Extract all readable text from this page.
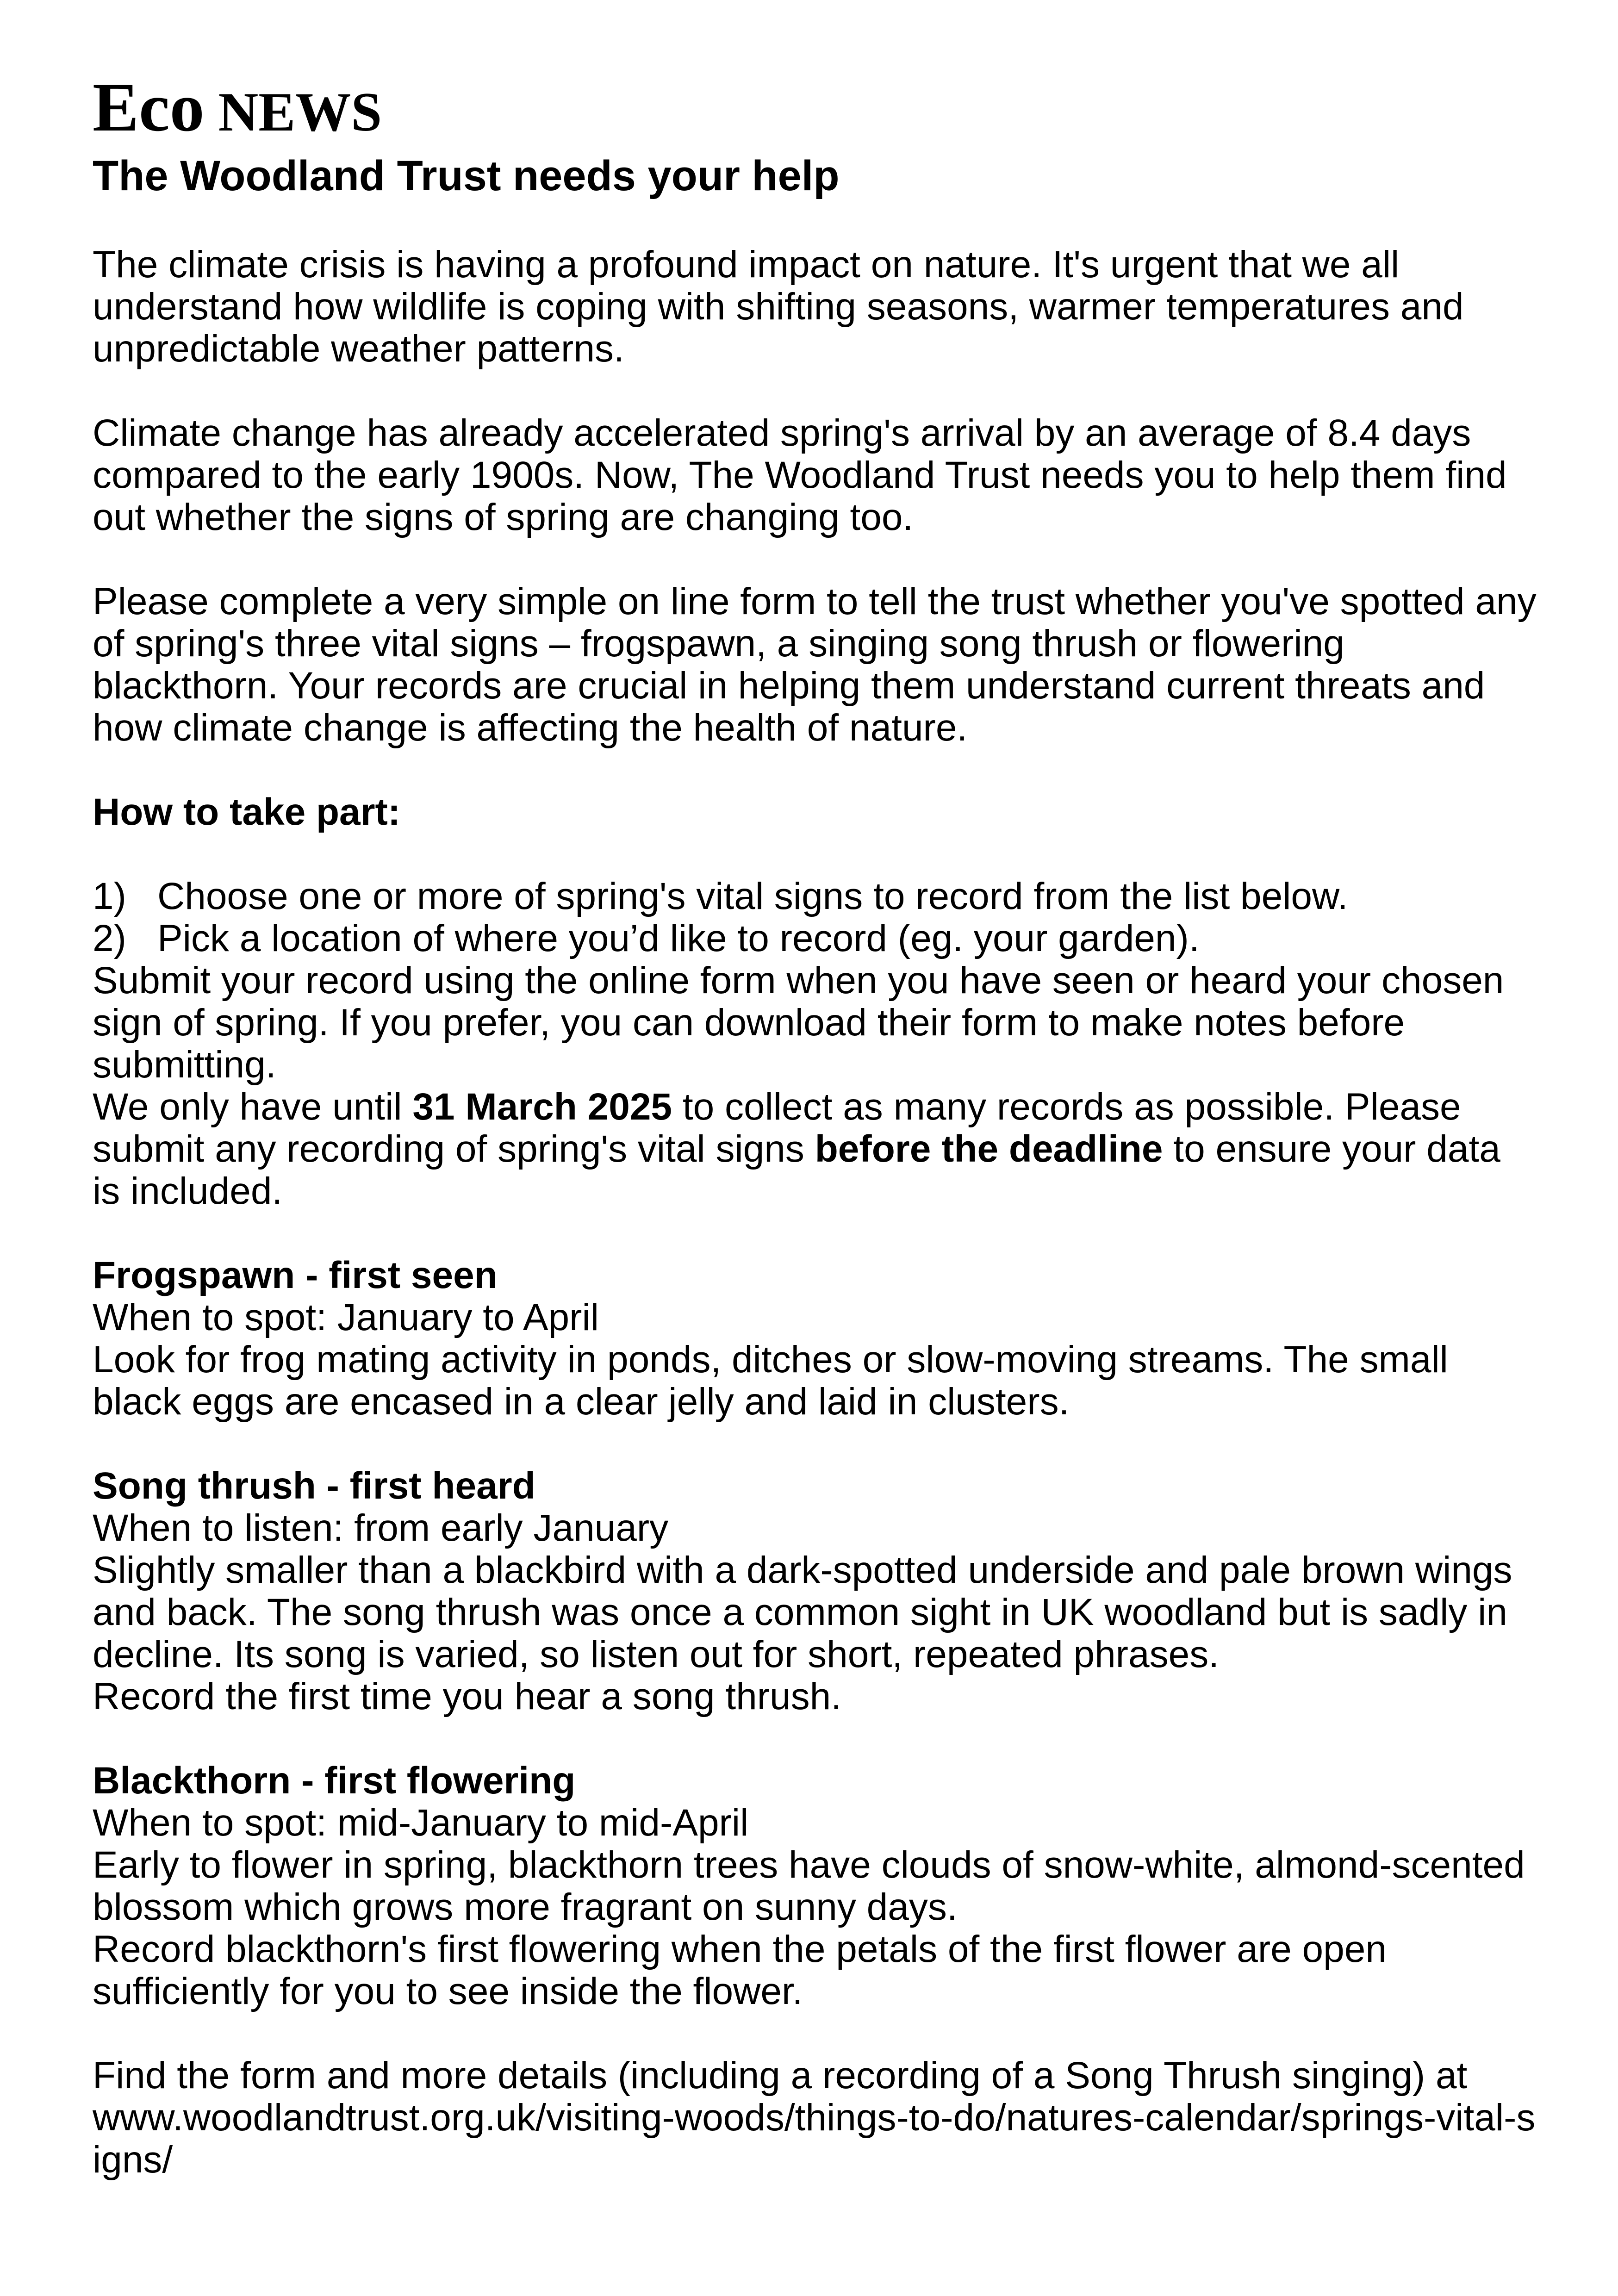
Eco NEWS
The Woodland Trust needs your help

The climate crisis is having a profound impact on nature. It's urgent that we all understand how wildlife is coping with shifting seasons, warmer temperatures and unpredictable weather patterns.

Climate change has already accelerated spring's arrival by an average of 8.4 days compared to the early 1900s. Now, The Woodland Trust needs you to help them find out whether the signs of spring are changing too.

Please complete a very simple on line form to tell the trust whether you've spotted any of spring's three vital signs – frogspawn, a singing song thrush or flowering blackthorn. Your records are crucial in helping them understand current threats and how climate change is affecting the health of nature.

How to take part:

1) Choose one or more of spring's vital signs to record from the list below.
2) Pick a location of where you’d like to record (eg. your garden).

Submit your record using the online form when you have seen or heard your chosen sign of spring. If you prefer, you can download their form to make notes before submitting.

We only have until 31 March 2025 to collect as many records as possible. Please submit any recording of spring's vital signs before the deadline to ensure your data is included.

Frogspawn - first seen

When to spot: January to April

Look for frog mating activity in ponds, ditches or slow-moving streams. The small black eggs are encased in a clear jelly and laid in clusters.

Song thrush - first heard

When to listen: from early January

Slightly smaller than a blackbird with a dark-spotted underside and pale brown wings and back. The song thrush was once a common sight in UK woodland but is sadly in decline. Its song is varied, so listen out for short, repeated phrases.

Record the first time you hear a song thrush.

Blackthorn - first flowering

When to spot: mid-January to mid-April

Early to flower in spring, blackthorn trees have clouds of snow-white, almond-scented blossom which grows more fragrant on sunny days.

Record blackthorn's first flowering when the petals of the first flower are open sufficiently for you to see inside the flower.

Find the form and more details (including a recording of a Song Thrush singing) at

www.woodlandtrust.org.uk/visiting-woods/things-to-do/natures-calendar/springs-vital-signs/
